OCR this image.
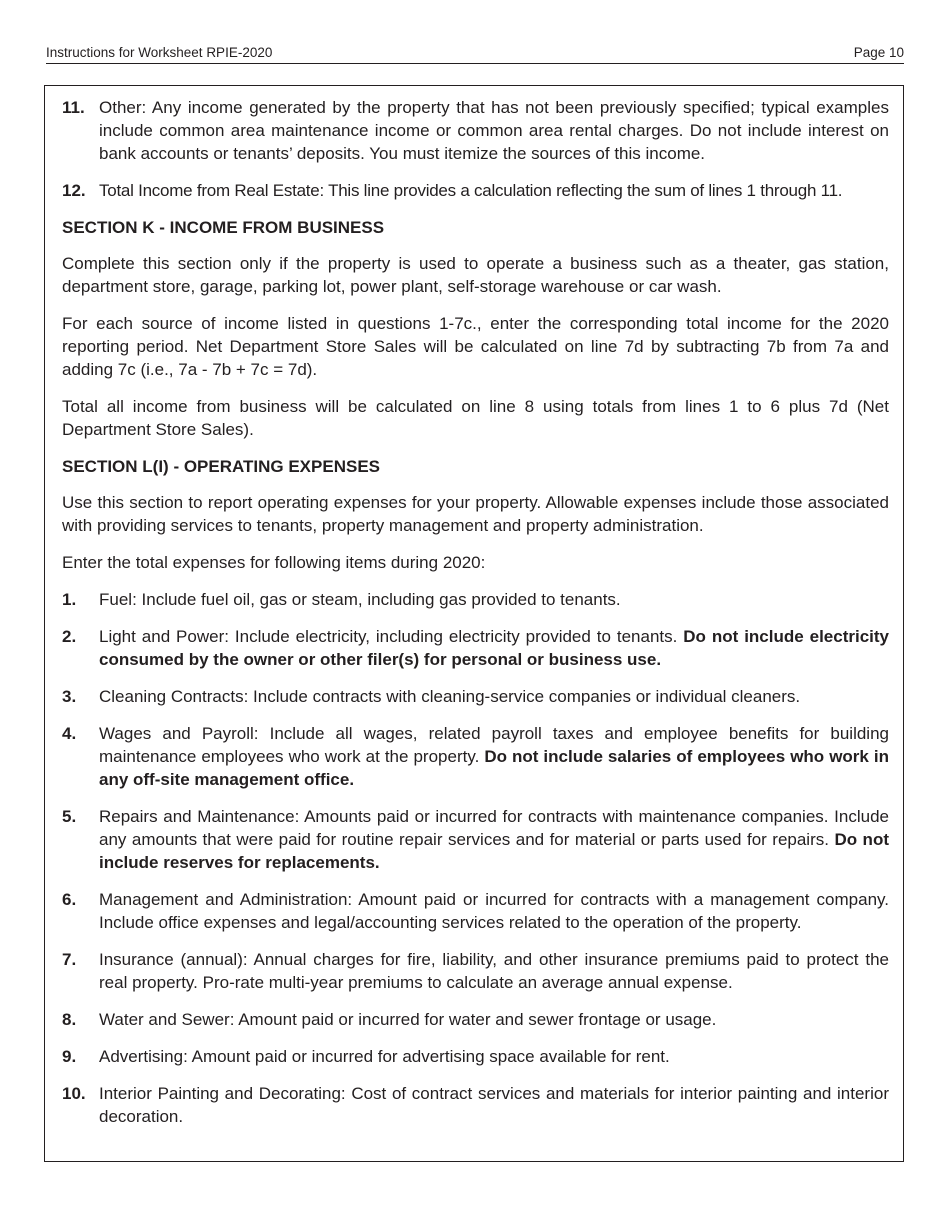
Instructions for Worksheet RPIE-2020	Page 10
11. Other: Any income generated by the property that has not been previously specified; typical examples include common area maintenance income or common area rental charges. Do not include interest on bank accounts or tenants’ deposits. You must itemize the sources of this income.
12. Total Income from Real Estate: This line provides a calculation reflecting the sum of lines 1 through 11.
SECTION K - INCOME FROM BUSINESS
Complete this section only if the property is used to operate a business such as a theater, gas station, department store, garage, parking lot, power plant, self-storage warehouse or car wash.
For each source of income listed in questions 1-7c., enter the corresponding total income for the 2020 reporting period. Net Department Store Sales will be calculated on line 7d by subtracting 7b from 7a and adding 7c (i.e., 7a - 7b + 7c = 7d).
Total all income from business will be calculated on line 8 using totals from lines 1 to 6 plus 7d (Net Department Store Sales).
SECTION L(I) - OPERATING EXPENSES
Use this section to report operating expenses for your property. Allowable expenses include those associated with providing services to tenants, property management and property administration.
Enter the total expenses for following items during 2020:
1.	Fuel: Include fuel oil, gas or steam, including gas provided to tenants.
2.	Light and Power: Include electricity, including electricity provided to tenants. Do not include electricity consumed by the owner or other filer(s) for personal or business use.
3.	Cleaning Contracts: Include contracts with cleaning-service companies or individual cleaners.
4.	Wages and Payroll: Include all wages, related payroll taxes and employee benefits for building maintenance employees who work at the property. Do not include salaries of employees who work in any off-site management office.
5.	Repairs and Maintenance: Amounts paid or incurred for contracts with maintenance companies. Include any amounts that were paid for routine repair services and for material or parts used for repairs. Do not include reserves for replacements.
6.	Management and Administration: Amount paid or incurred for contracts with a management company. Include office expenses and legal/accounting services related to the operation of the property.
7.	Insurance (annual): Annual charges for fire, liability, and other insurance premiums paid to protect the real property. Pro-rate multi-year premiums to calculate an average annual expense.
8.	Water and Sewer: Amount paid or incurred for water and sewer frontage or usage.
9.	Advertising: Amount paid or incurred for advertising space available for rent.
10. Interior Painting and Decorating: Cost of contract services and materials for interior painting and interior decoration.
